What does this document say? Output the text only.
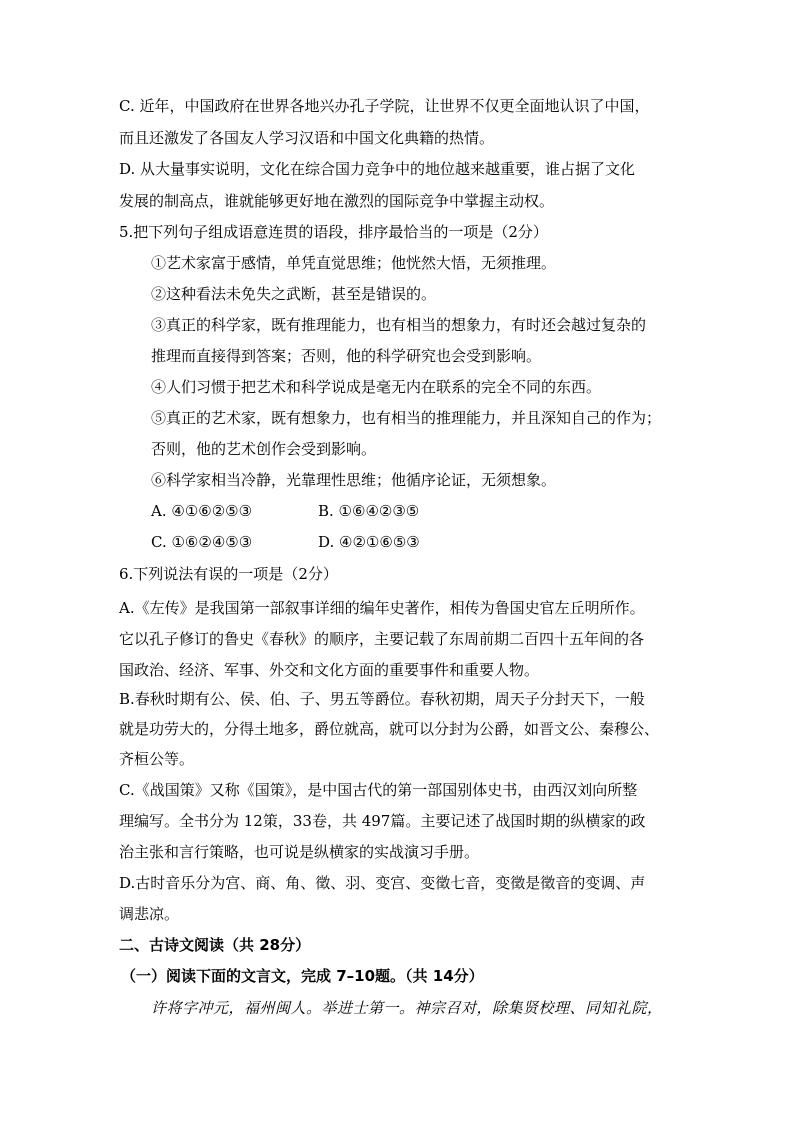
C. 近年，中国政府在世界各地兴办孔子学院，让世界不仅更全面地认识了中国，
而且还激发了各国友人学习汉语和中国文化典籍的热情。
D. 从大量事实说明，文化在综合国力竞争中的地位越来越重要，谁占据了文化
发展的制高点，谁就能够更好地在激烈的国际竞争中掌握主动权。
5.把下列句子组成语意连贯的语段，排序最恰当的一项是（2分）
①艺术家富于感情，单凭直觉思维；他恍然大悟，无须推理。
②这种看法未免失之武断，甚至是错误的。
③真正的科学家，既有推理能力，也有相当的想象力，有时还会越过复杂的
推理而直接得到答案；否则，他的科学研究也会受到影响。
④人们习惯于把艺术和科学说成是毫无内在联系的完全不同的东西。
⑤真正的艺术家，既有想象力，也有相当的推理能力，并且深知自己的作为；
否则，他的艺术创作会受到影响。
⑥科学家相当冷静，光靠理性思维；他循序论证，无须想象。
A. ④①⑥②⑤③	B. ①⑥④②③⑤
C. ①⑥②④⑤③	D. ④②①⑥⑤③
6.下列说法有误的一项是（2分）
A.《左传》是我国第一部叙事详细的编年史著作，相传为鲁国史官左丘明所作。
它以孔子修订的鲁史《春秋》的顺序，主要记载了东周前期二百四十五年间的各
国政治、经济、军事、外交和文化方面的重要事件和重要人物。
B.春秋时期有公、侯、伯、子、男五等爵位。春秋初期，周天子分封天下，一般
就是功劳大的，分得土地多，爵位就高，就可以分封为公爵，如晋文公、秦穆公、
齐桓公等。
C.《战国策》又称《国策》，是中国古代的第一部国别体史书，由西汉刘向所整
理编写。全书分为 12策，33卷，共 497篇。主要记述了战国时期的纵横家的政
治主张和言行策略，也可说是纵横家的实战演习手册。
D.古时音乐分为宫、商、角、徵、羽、变宫、变徵七音，变徵是徵音的变调、声
调悲凉。
二、古诗文阅读（共 28分）
（一）阅读下面的文言文，完成 7–10题。（共 14分）
许将字冲元，福州闽人。举进士第一。神宗召对，除集贤校理、同知礼院，
